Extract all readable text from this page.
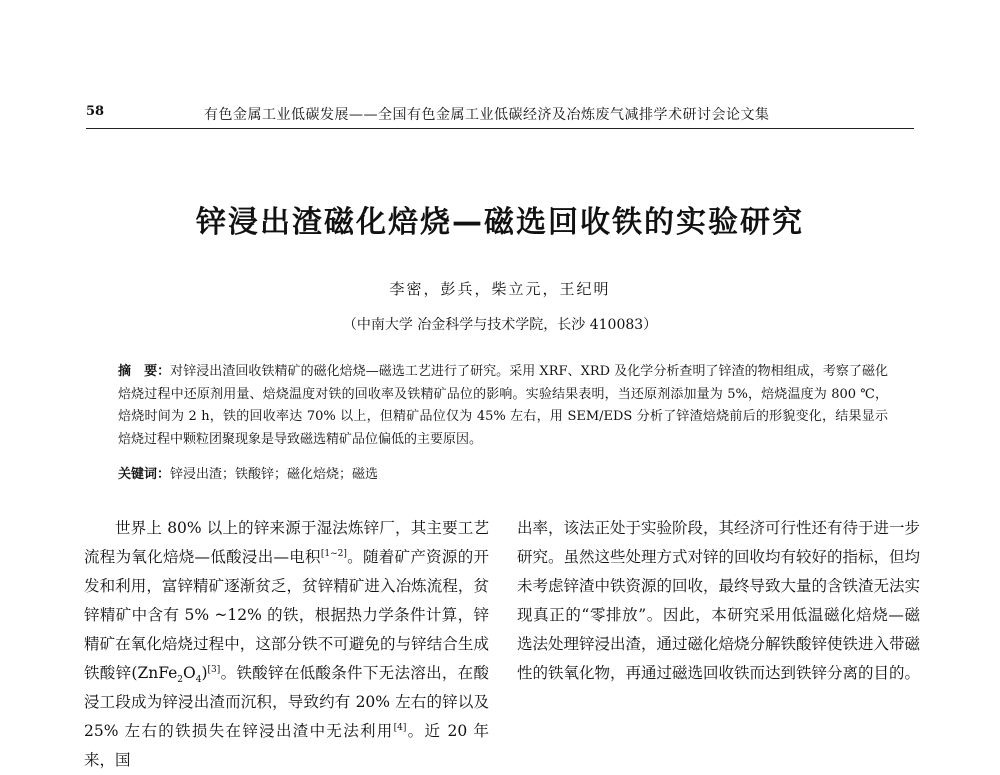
58	有色金属工业低碳发展——全国有色金属工业低碳经济及冶炼废气减排学术研讨会论文集
锌浸出渣磁化焙烧—磁选回收铁的实验研究
李密，彭兵，柴立元，王纪明
（中南大学 冶金科学与技术学院，长沙 410083）
摘　要：对锌浸出渣回收铁精矿的磁化焙烧—磁选工艺进行了研究。采用 XRF、XRD 及化学分析查明了锌渣的物相组成，考察了磁化焙烧过程中还原剂用量、焙烧温度对铁的回收率及铁精矿品位的影响。实验结果表明，当还原剂添加量为 5%，焙烧温度为 800 ℃，焙烧时间为 2 h，铁的回收率达 70% 以上，但精矿品位仅为 45% 左右，用 SEM/EDS 分析了锌渣焙烧前后的形貌变化，结果显示焙烧过程中颗粒团聚现象是导致磁选精矿品位偏低的主要原因。
关键词：锌浸出渣；铁酸锌；磁化焙烧；磁选

世界上 80% 以上的锌来源于湿法炼锌厂，其主要工艺流程为氧化焙烧—低酸浸出—电积[1~2]。随着矿产资源的开发和利用，富锌精矿逐渐贫乏，贫锌精矿进入冶炼流程，贫锌精矿中含有 5% ~12% 的铁，根据热力学条件计算，锌精矿在氧化焙烧过程中，这部分铁不可避免的与锌结合生成铁酸锌$(ZnFe_2O_4)[3]$。铁酸锌在低酸条件下无法溶出，在酸浸工段成为锌浸出渣而沉积，导致约有 20% 左右的锌以及 25% 左右的铁损失在锌浸出渣中无法利用[4]。近 20 年来，国

出率，该法正处于实验阶段，其经济可行性还有待于进一步研究。虽然这些处理方式对锌的回收均有较好的指标，但均未考虑锌渣中铁资源的回收，最终导致大量的含铁渣无法实现真正的“零排放”。因此，本研究采用低温磁化焙烧—磁选法处理锌浸出渣，通过磁化焙烧分解铁酸锌使铁进入带磁性的铁氧化物，再通过磁选回收铁而达到铁锌分离的目的。
